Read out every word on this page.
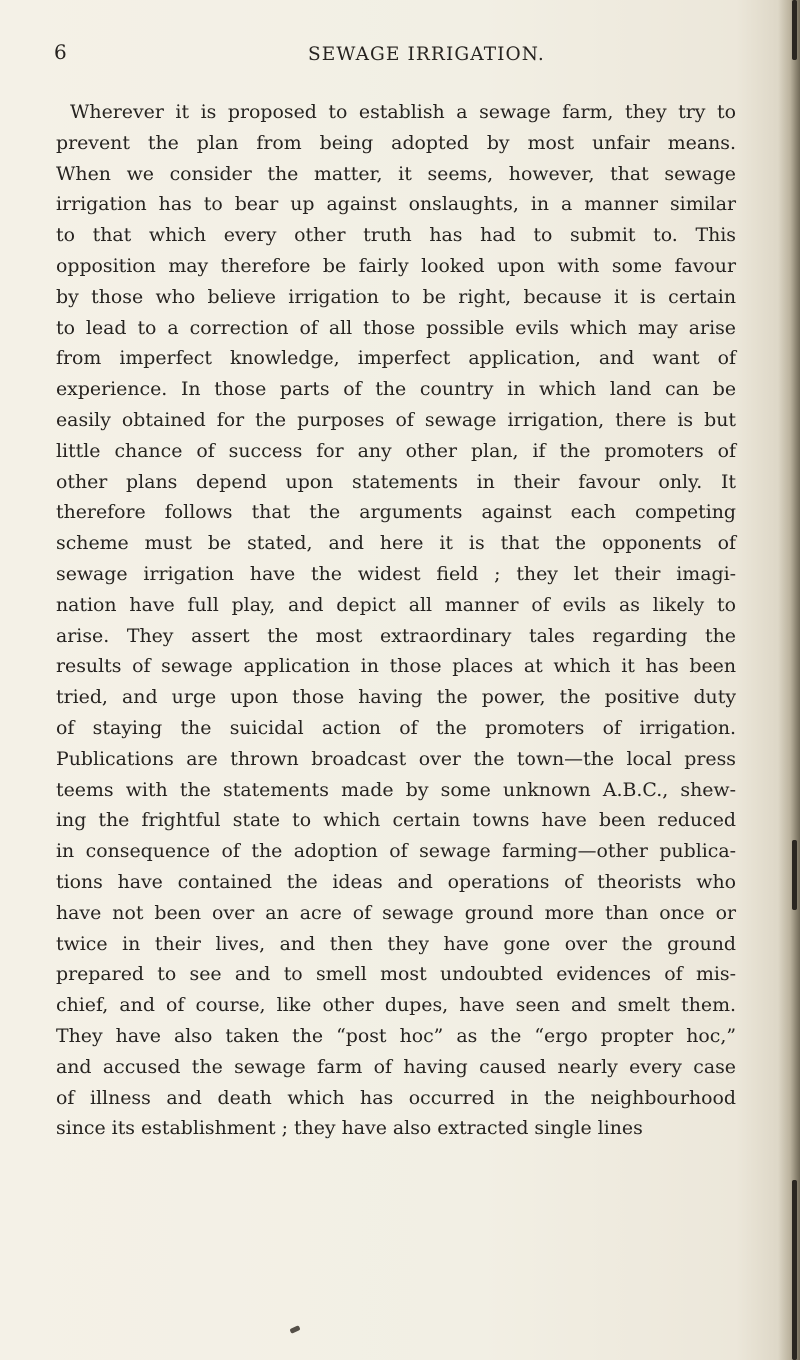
6	SEWAGE IRRIGATION.
Wherever it is proposed to establish a sewage farm, they try to
prevent the plan from being adopted by most unfair means.
When we consider the matter, it seems, however, that sewage
irrigation has to bear up against onslaughts, in a manner similar
to that which every other truth has had to submit to. This
opposition may therefore be fairly looked upon with some favour
by those who believe irrigation to be right, because it is certain
to lead to a correction of all those possible evils which may arise
from imperfect knowledge, imperfect application, and want of
experience. In those parts of the country in which land can be
easily obtained for the purposes of sewage irrigation, there is but
little chance of success for any other plan, if the promoters of
other plans depend upon statements in their favour only. It
therefore follows that the arguments against each competing
scheme must be stated, and here it is that the opponents of
sewage irrigation have the widest field ; they let their imagi-
nation have full play, and depict all manner of evils as likely to
arise. They assert the most extraordinary tales regarding the
results of sewage application in those places at which it has been
tried, and urge upon those having the power, the positive duty
of staying the suicidal action of the promoters of irrigation.
Publications are thrown broadcast over the town—the local press
teems with the statements made by some unknown A.B.C., shew-
ing the frightful state to which certain towns have been reduced
in consequence of the adoption of sewage farming—other publica-
tions have contained the ideas and operations of theorists who
have not been over an acre of sewage ground more than once or
twice in their lives, and then they have gone over the ground
prepared to see and to smell most undoubted evidences of mis-
chief, and of course, like other dupes, have seen and smelt them.
They have also taken the “post hoc” as the “ergo propter hoc,”
and accused the sewage farm of having caused nearly every case
of illness and death which has occurred in the neighbourhood
since its establishment ; they have also extracted single lines
